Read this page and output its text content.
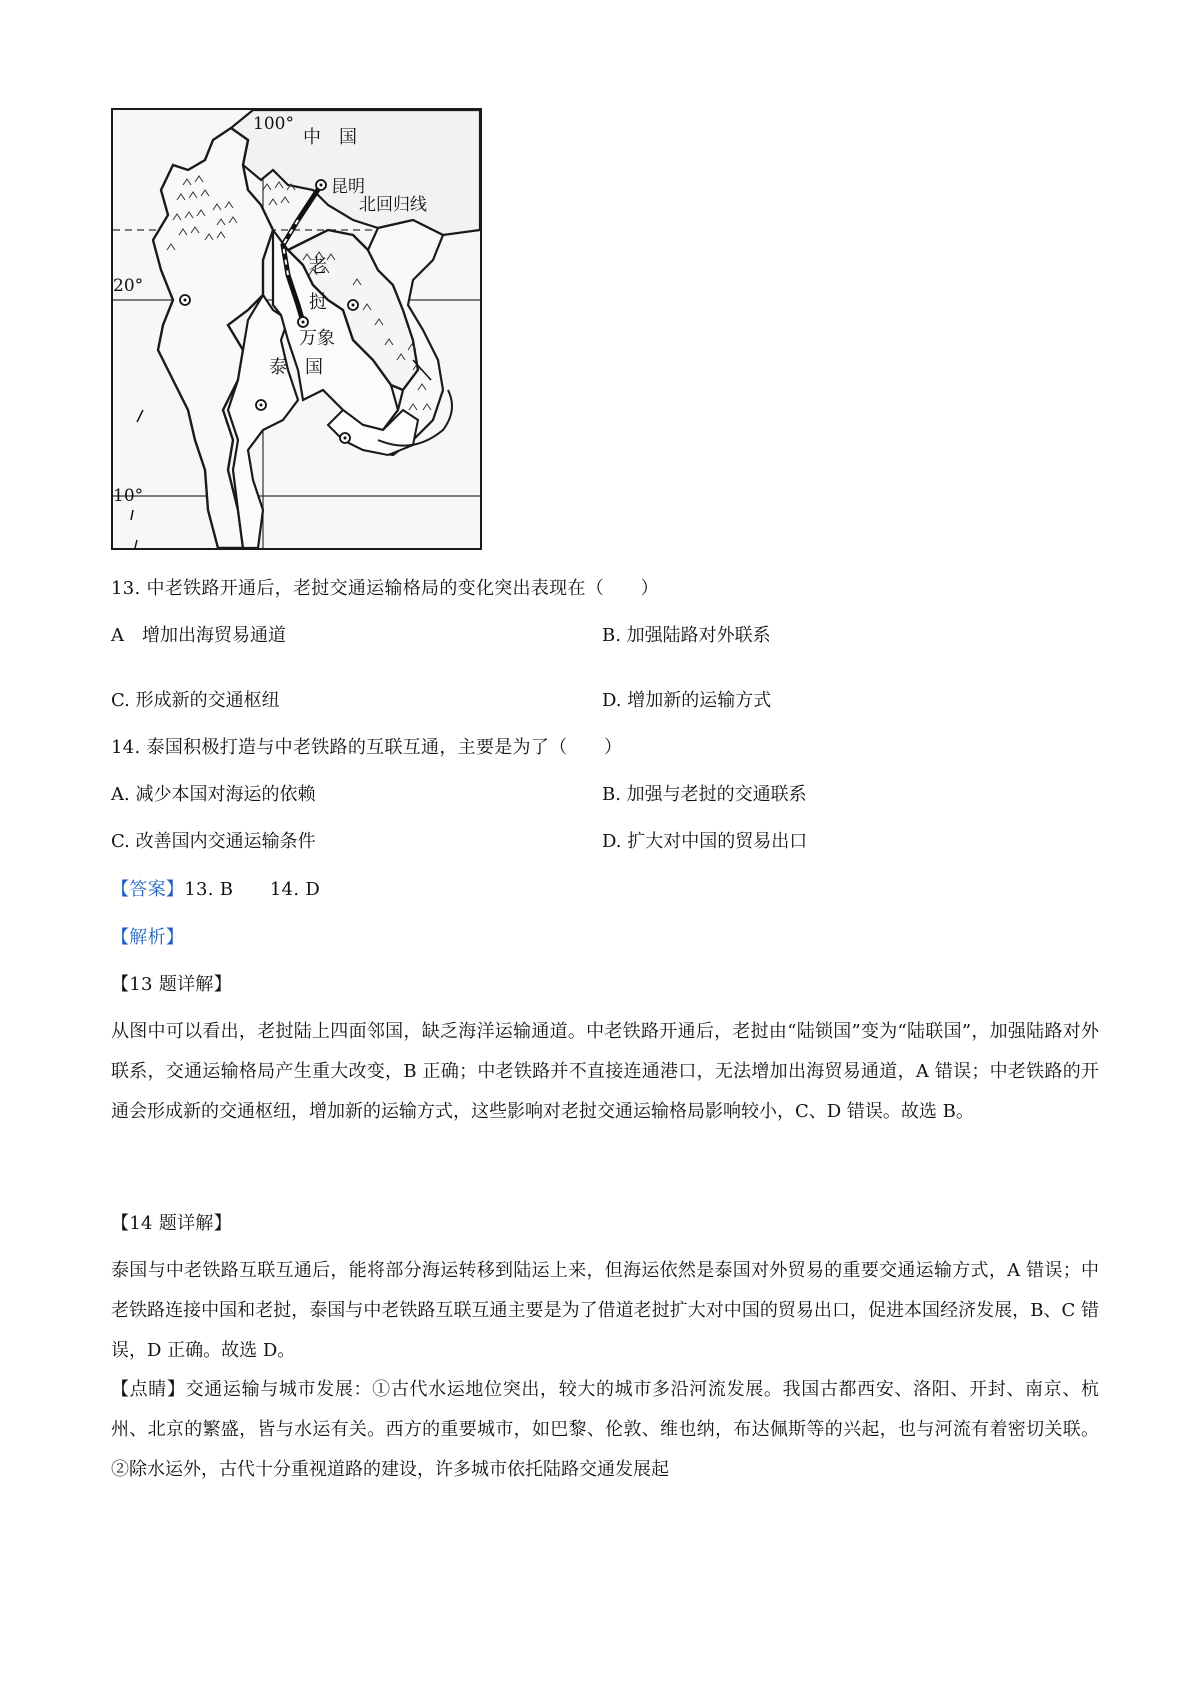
100°
中　国
昆明
北回归线
20°
老
挝
万象
泰　国
10°
13. 中老铁路开通后，老挝交通运输格局的变化突出表现在（　　）
A　增加出海贸易通道	B. 加强陆路对外联系
C. 形成新的交通枢纽	D. 增加新的运输方式
14. 泰国积极打造与中老铁路的互联互通，主要是为了（　　）
A. 减少本国对海运的依赖	B. 加强与老挝的交通联系
C. 改善国内交通运输条件	D. 扩大对中国的贸易出口
【答案】13. B　　14. D
【解析】
【13 题详解】
从图中可以看出，老挝陆上四面邻国，缺乏海洋运输通道。中老铁路开通后，老挝由“陆锁国”变为“陆联国”，加强陆路对外联系，交通运输格局产生重大改变，B 正确；中老铁路并不直接连通港口，无法增加出海贸易通道，A 错误；中老铁路的开通会形成新的交通枢纽，增加新的运输方式，这些影响对老挝交通运输格局影响较小，C、D 错误。故选 B。
【14 题详解】
泰国与中老铁路互联互通后，能将部分海运转移到陆运上来，但海运依然是泰国对外贸易的重要交通运输方式，A 错误；中老铁路连接中国和老挝，泰国与中老铁路互联互通主要是为了借道老挝扩大对中国的贸易出口，促进本国经济发展，B、C 错误，D 正确。故选 D。
【点睛】交通运输与城市发展：①古代水运地位突出，较大的城市多沿河流发展。我国古都西安、洛阳、开封、南京、杭州、北京的繁盛，皆与水运有关。西方的重要城市，如巴黎、伦敦、维也纳，布达佩斯等的兴起，也与河流有着密切关联。②除水运外，古代十分重视道路的建设，许多城市依托陆路交通发展起
